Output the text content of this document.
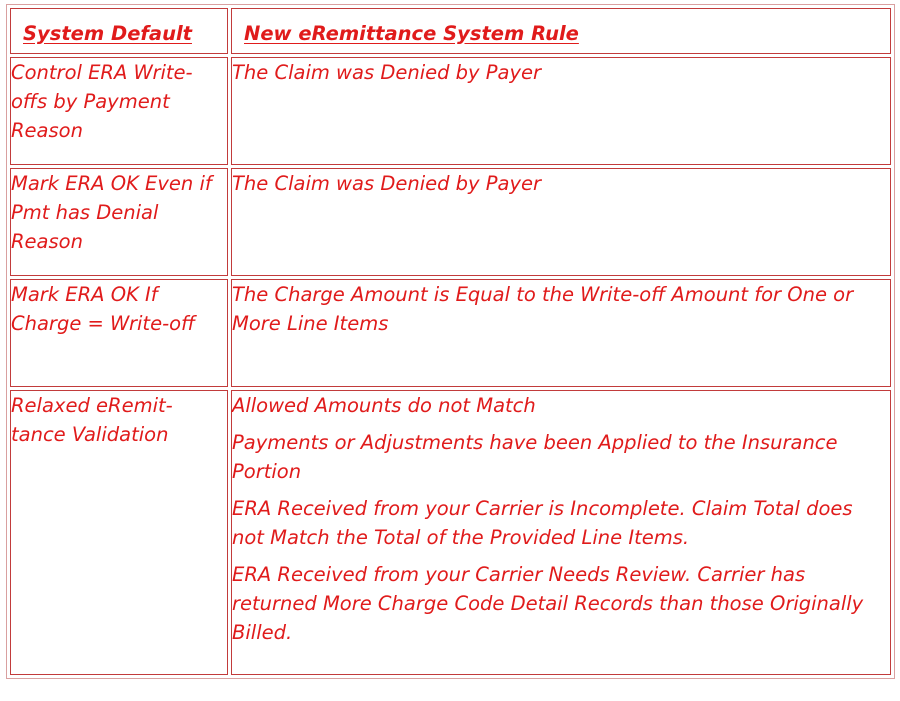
System Default	New eRemittance System Rule

Control ERA Write-offs by Payment Reason	The Claim was Denied by Payer
Mark ERA OK Even if Pmt has Denial Reason	The Claim was Denied by Payer
Mark ERA OK If Charge = Write-off	The Charge Amount is Equal to the Write-off Amount for One or More Line Items
Relaxed eRemit-tance Validation	Allowed Amounts do not Match
Payments or Adjustments have been Applied to the Insurance Portion
ERA Received from your Carrier is Incomplete. Claim Total does not Match the Total of the Provided Line Items.
ERA Received from your Carrier Needs Review. Carrier has returned More Charge Code Detail Records than those Originally Billed.
